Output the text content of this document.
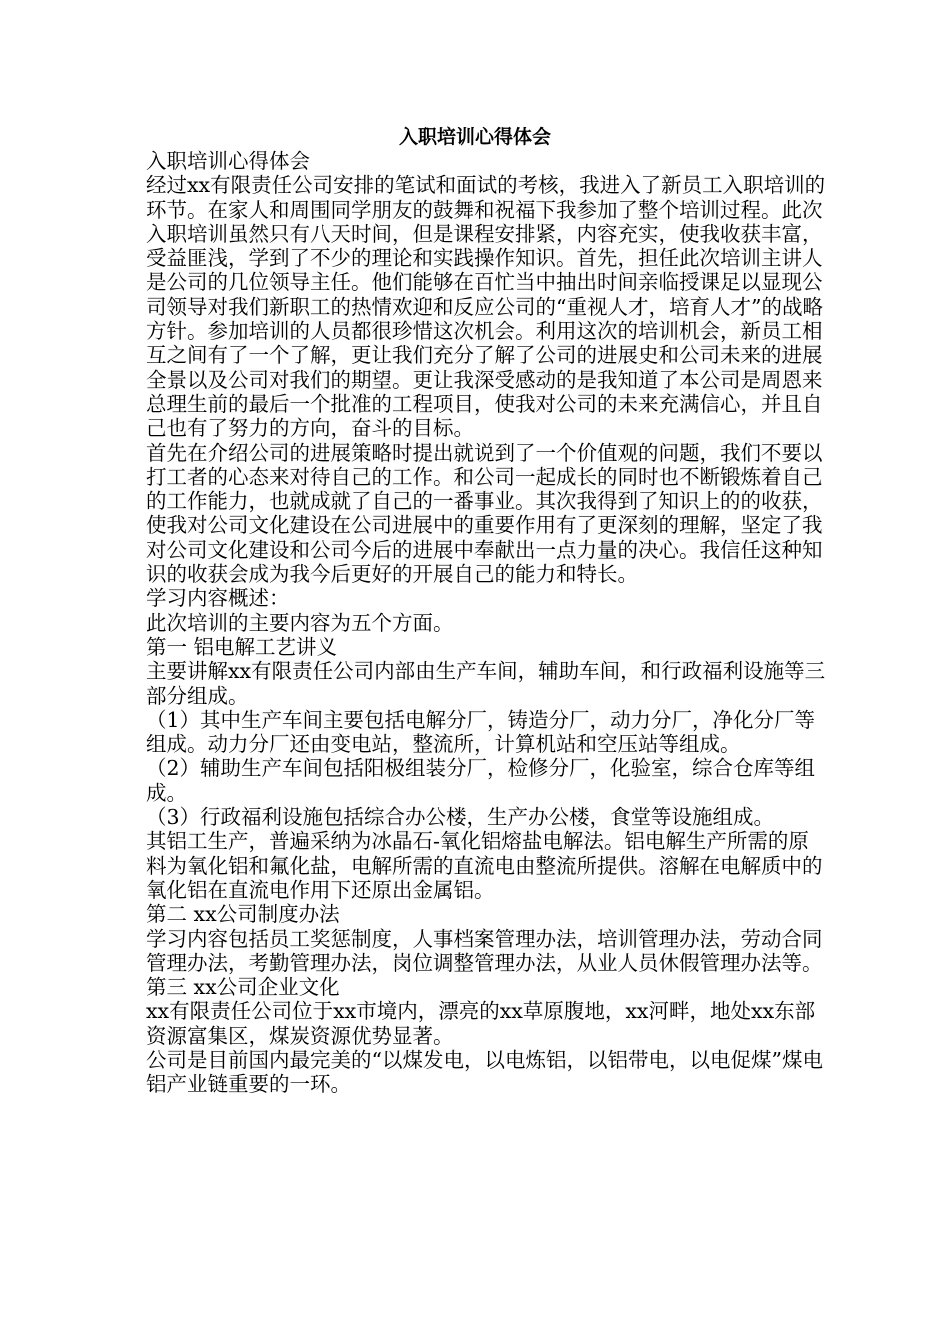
入职培训心得体会

入职培训心得体会

经过xx有限责任公司安排的笔试和面试的考核，我进入了新员工入职培训的环节。在家人和周围同学朋友的鼓舞和祝福下我参加了整个培训过程。此次入职培训虽然只有八天时间，但是课程安排紧，内容充实，使我收获丰富，受益匪浅，学到了不少的理论和实践操作知识。首先，担任此次培训主讲人是公司的几位领导主任。他们能够在百忙当中抽出时间亲临授课足以显现公司领导对我们新职工的热情欢迎和反应公司的“重视人才，培育人才”的战略方针。参加培训的人员都很珍惜这次机会。利用这次的培训机会，新员工相互之间有了一个了解，更让我们充分了解了公司的进展史和公司未来的进展全景以及公司对我们的期望。更让我深受感动的是我知道了本公司是周恩来总理生前的最后一个批准的工程项目，使我对公司的未来充满信心，并且自己也有了努力的方向，奋斗的目标。

首先在介绍公司的进展策略时提出就说到了一个价值观的问题，我们不要以打工者的心态来对待自己的工作。和公司一起成长的同时也不断锻炼着自己的工作能力，也就成就了自己的一番事业。其次我得到了知识上的的收获，使我对公司文化建设在公司进展中的重要作用有了更深刻的理解，坚定了我对公司文化建设和公司今后的进展中奉献出一点力量的决心。我信任这种知识的收获会成为我今后更好的开展自己的能力和特长。

学习内容概述：

此次培训的主要内容为五个方面。

第一 铝电解工艺讲义

主要讲解xx有限责任公司内部由生产车间，辅助车间，和行政福利设施等三部分组成。

（1）其中生产车间主要包括电解分厂，铸造分厂，动力分厂，净化分厂等组成。动力分厂还由变电站，整流所，计算机站和空压站等组成。

（2）辅助生产车间包括阳极组装分厂，检修分厂，化验室，综合仓库等组成。

（3）行政福利设施包括综合办公楼，生产办公楼，食堂等设施组成。

其铝工生产，普遍采纳为冰晶石-氧化铝熔盐电解法。铝电解生产所需的原料为氧化铝和氟化盐，电解所需的直流电由整流所提供。溶解在电解质中的氧化铝在直流电作用下还原出金属铝。

第二 xx公司制度办法

学习内容包括员工奖惩制度，人事档案管理办法，培训管理办法，劳动合同管理办法，考勤管理办法，岗位调整管理办法，从业人员休假管理办法等。

第三 xx公司企业文化

xx有限责任公司位于xx市境内，漂亮的xx草原腹地，xx河畔，地处xx东部资源富集区，煤炭资源优势显著。

公司是目前国内最完美的“以煤发电，以电炼铝，以铝带电，以电促煤”煤电铝产业链重要的一环。
